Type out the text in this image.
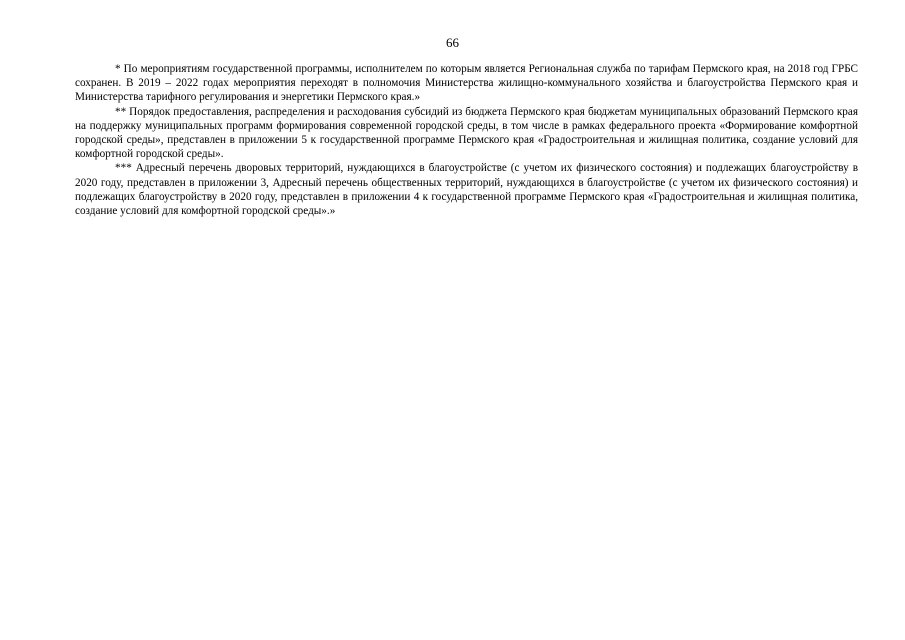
66

* По мероприятиям государственной программы, исполнителем по которым является Региональная служба по тарифам Пермского края, на 2018 год ГРБС сохранен. В 2019 – 2022 годах мероприятия переходят в полномочия Министерства жилищно-коммунального хозяйства и благоустройства Пермского края и Министерства тарифного регулирования и энергетики Пермского края.»

** Порядок предоставления, распределения и расходования субсидий из бюджета Пермского края бюджетам муниципальных образований Пермского края на поддержку муниципальных программ формирования современной городской среды, в том числе в рамках федерального проекта «Формирование комфортной городской среды», представлен в приложении 5 к государственной программе Пермского края «Градостроительная и жилищная политика, создание условий для комфортной городской среды».

*** Адресный перечень дворовых территорий, нуждающихся в благоустройстве (с учетом их физического состояния) и подлежащих благоустройству в 2020 году, представлен в приложении 3, Адресный перечень общественных территорий, нуждающихся в благоустройстве (с учетом их физического состояния) и подлежащих благоустройству в 2020 году, представлен в приложении 4 к государственной программе Пермского края «Градостроительная и жилищная политика, создание условий для комфортной городской среды».»
